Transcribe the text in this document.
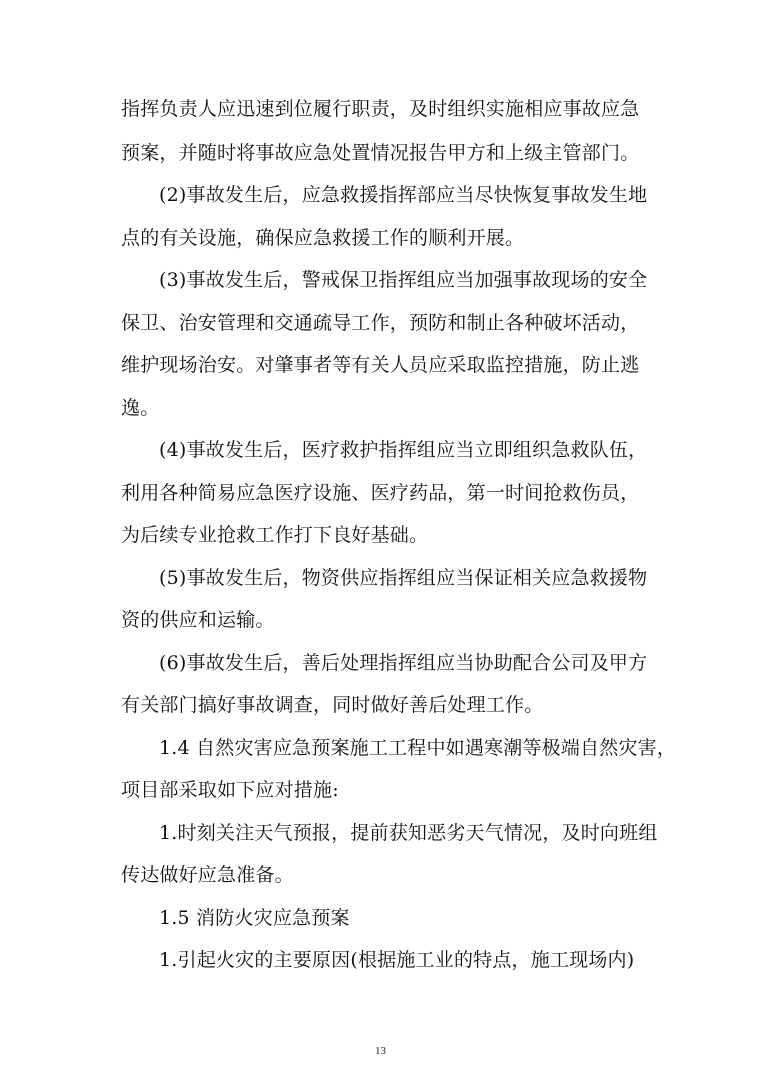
指挥负责人应迅速到位履行职责，及时组织实施相应事故应急
预案，并随时将事故应急处置情况报告甲方和上级主管部门。
(2)事故发生后，应急救援指挥部应当尽快恢复事故发生地
点的有关设施，确保应急救援工作的顺利开展。
(3)事故发生后，警戒保卫指挥组应当加强事故现场的安全
保卫、治安管理和交通疏导工作，预防和制止各种破坏活动，
维护现场治安。对肇事者等有关人员应采取监控措施，防止逃
逸。
(4)事故发生后，医疗救护指挥组应当立即组织急救队伍，
利用各种简易应急医疗设施、医疗药品，第一时间抢救伤员，
为后续专业抢救工作打下良好基础。
(5)事故发生后，物资供应指挥组应当保证相关应急救援物
资的供应和运输。
(6)事故发生后，善后处理指挥组应当协助配合公司及甲方
有关部门搞好事故调查，同时做好善后处理工作。
1.4 自然灾害应急预案施工工程中如遇寒潮等极端自然灾害，
项目部采取如下应对措施:
1.时刻关注天气预报，提前获知恶劣天气情况，及时向班组
传达做好应急准备。
1.5 消防火灾应急预案
1.引起火灾的主要原因(根据施工业的特点，施工现场内)
13
